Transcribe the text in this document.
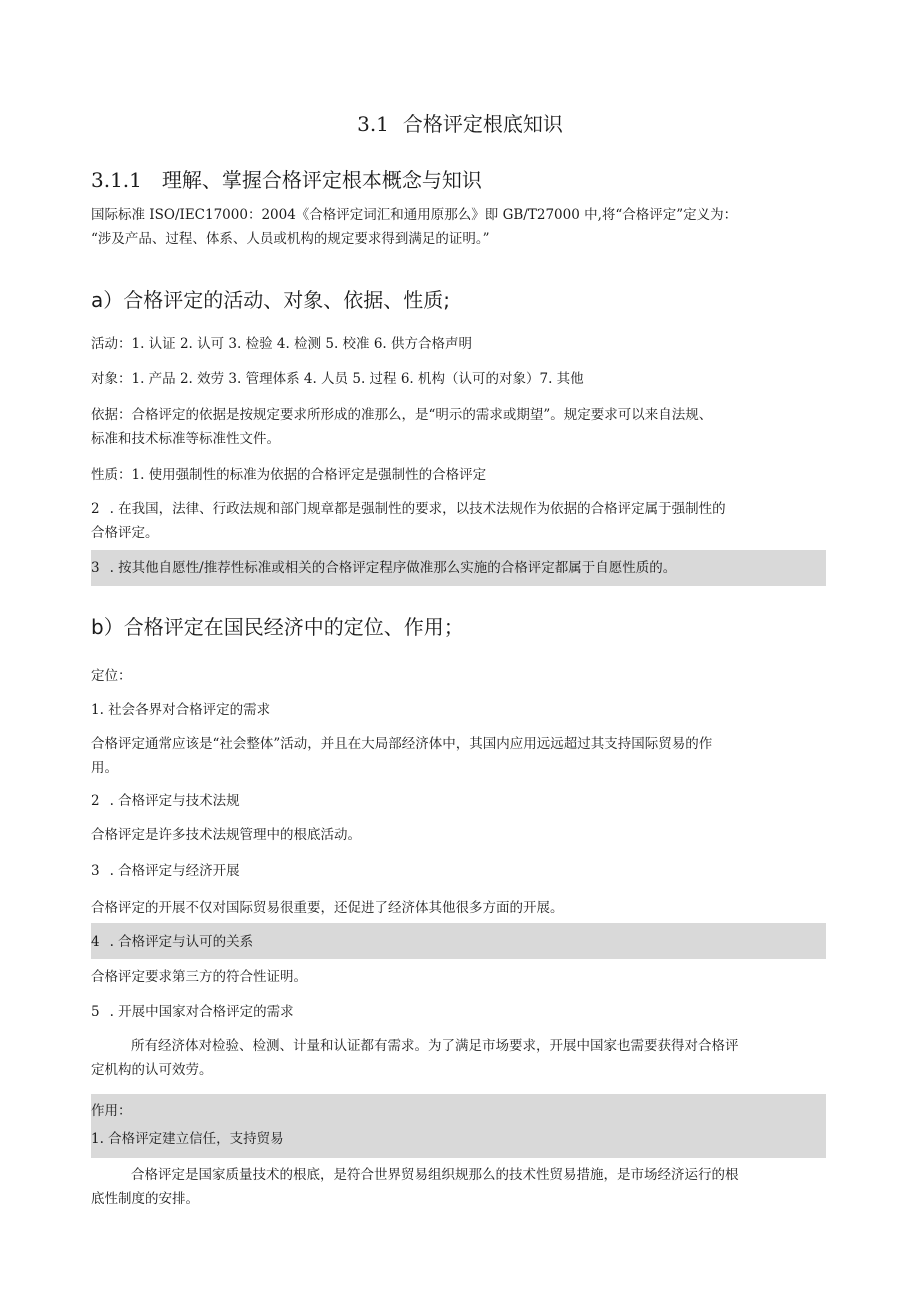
3.1 合格评定根底知识
3.1.1 理解、掌握合格评定根本概念与知识
国际标准 ISO/IEC17000：2004《合格评定词汇和通用原那么》即 GB/T27000 中,将“合格评定”定义为：
“涉及产品、过程、体系、人员或机构的规定要求得到满足的证明。”
a）合格评定的活动、对象、依据、性质;
活动：1. 认证 2. 认可 3. 检验 4. 检测 5. 校准 6. 供方合格声明
对象：1. 产品 2. 效劳 3. 管理体系 4. 人员 5. 过程 6. 机构（认可的对象）7. 其他
依据：合格评定的依据是按规定要求所形成的准那么，是“明示的需求或期望”。规定要求可以来自法规、
标准和技术标准等标准性文件。
性质：1. 使用强制性的标准为依据的合格评定是强制性的合格评定
2 . 在我国，法律、行政法规和部门规章都是强制性的要求，以技术法规作为依据的合格评定属于强制性的
合格评定。
3 . 按其他自愿性/推荐性标准或相关的合格评定程序做准那么实施的合格评定都属于自愿性质的。
b）合格评定在国民经济中的定位、作用；
定位：
1. 社会各界对合格评定的需求
合格评定通常应该是“社会整体”活动，并且在大局部经济体中，其国内应用远远超过其支持国际贸易的作
用。
2 . 合格评定与技术法规
合格评定是许多技术法规管理中的根底活动。
3 . 合格评定与经济开展
合格评定的开展不仅对国际贸易很重要，还促进了经济体其他很多方面的开展。
4 . 合格评定与认可的关系
合格评定要求第三方的符合性证明。
5 . 开展中国家对合格评定的需求
所有经济体对检验、检测、计量和认证都有需求。为了满足市场要求，开展中国家也需要获得对合格评
定机构的认可效劳。
作用：
1. 合格评定建立信任，支持贸易
合格评定是国家质量技术的根底，是符合世界贸易组织规那么的技术性贸易措施，是市场经济运行的根
底性制度的安排。
